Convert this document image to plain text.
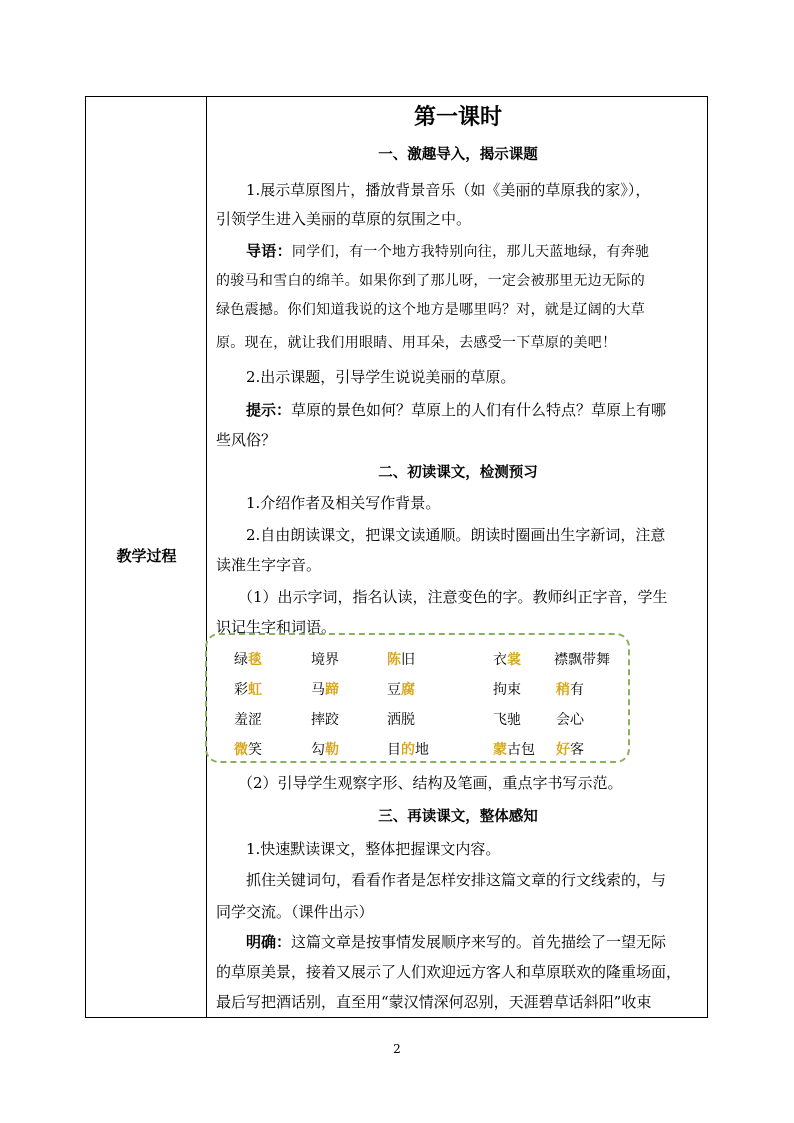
教学过程
第一课时
一、激趣导入，揭示课题
1.展示草原图片，播放背景音乐（如《美丽的草原我的家》），
引领学生进入美丽的草原的氛围之中。
导语：同学们，有一个地方我特别向往，那儿天蓝地绿，有奔驰
的骏马和雪白的绵羊。如果你到了那儿呀，一定会被那里无边无际的
绿色震撼。你们知道我说的这个地方是哪里吗？对，就是辽阔的大草
原。现在，就让我们用眼睛、用耳朵，去感受一下草原的美吧！
2.出示课题，引导学生说说美丽的草原。
提示：草原的景色如何？草原上的人们有什么特点？草原上有哪
些风俗？
二、初读课文，检测预习
1.介绍作者及相关写作背景。
2.自由朗读课文，把课文读通顺。朗读时圈画出生字新词，注意
读准生字字音。
（1）出示字词，指名认读，注意变色的字。教师纠正字音，学生
识记生字和词语。
（2）引导学生观察字形、结构及笔画，重点字书写示范。
三、再读课文，整体感知
1.快速默读课文，整体把握课文内容。
抓住关键词句，看看作者是怎样安排这篇文章的行文线索的，与
同学交流。（课件出示）
明确：这篇文章是按事情发展顺序来写的。首先描绘了一望无际
的草原美景，接着又展示了人们欢迎远方客人和草原联欢的隆重场面，
最后写把酒话别，直至用“蒙汉情深何忍别，天涯碧草话斜阳”收束
绿毯	境界	陈旧	衣裳 襟飘带舞
彩虹	马蹄	豆腐	拘束	稍有
羞涩	摔跤	洒脱	飞驰	会心
微笑	勾勒	目的地	蒙古包 好客
2
